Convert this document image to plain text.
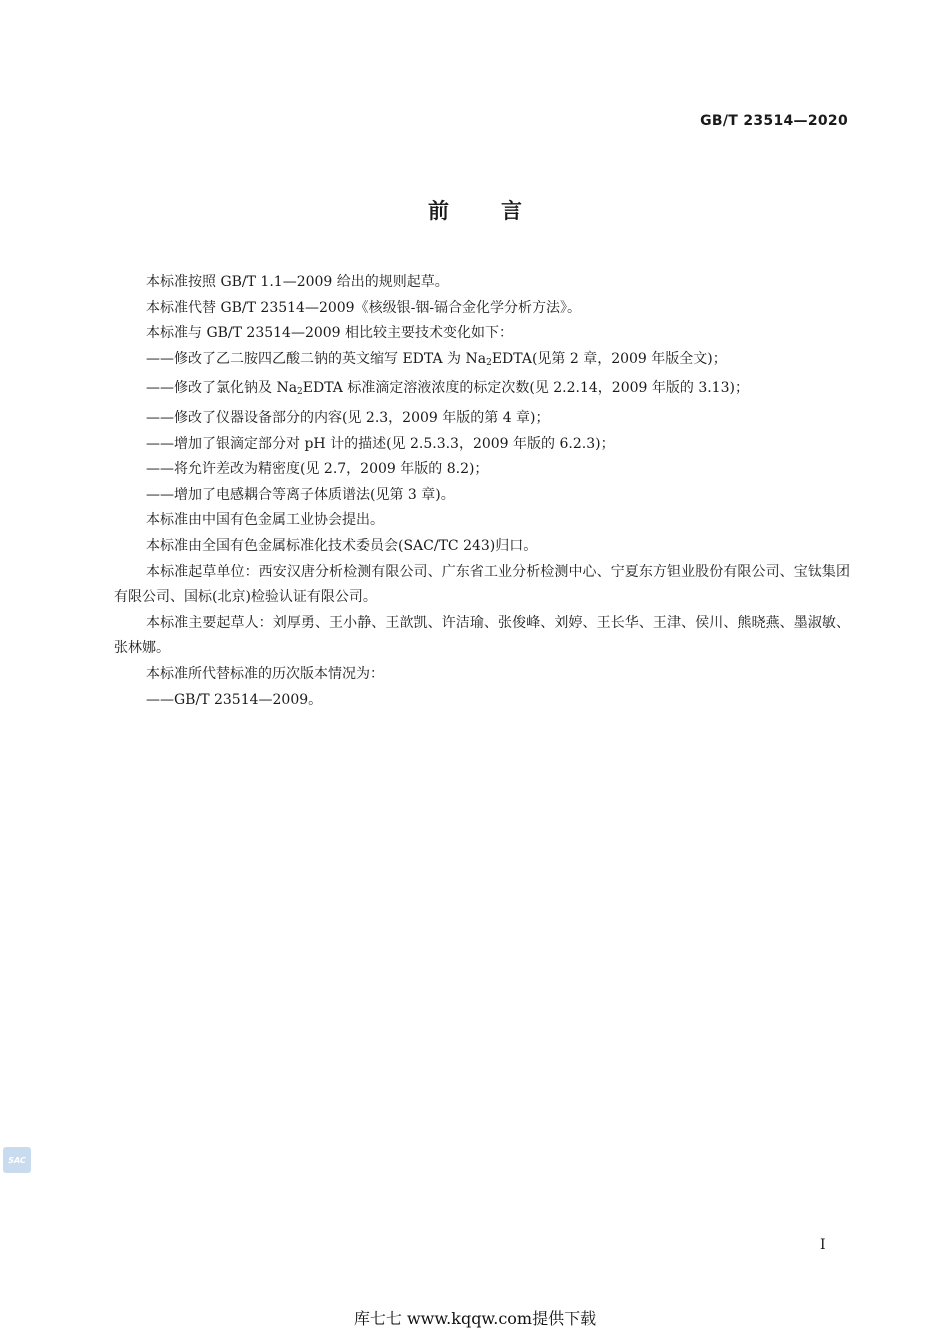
GB/T 23514—2020
前言

本标准按照 GB/T 1.1—2009 给出的规则起草。

本标准代替 GB/T 23514—2009《核级银-铟-镉合金化学分析方法》。

本标准与 GB/T 23514—2009 相比较主要技术变化如下：

——修改了乙二胺四乙酸二钠的英文缩写 EDTA 为 $Na_2EDTA$(见第 2 章，2009 年版全文)；

——修改了氯化钠及 $Na_2EDTA$ 标准滴定溶液浓度的标定次数(见 2.2.14，2009 年版的 3.13)；

——修改了仪器设备部分的内容(见 2.3，2009 年版的第 4 章)；

——增加了银滴定部分对 pH 计的描述(见 2.5.3.3，2009 年版的 6.2.3)；

——将允许差改为精密度(见 2.7，2009 年版的 8.2)；

——增加了电感耦合等离子体质谱法(见第 3 章)。

本标准由中国有色金属工业协会提出。

本标准由全国有色金属标准化技术委员会(SAC/TC 243)归口。

本标准起草单位：西安汉唐分析检测有限公司、广东省工业分析检测中心、宁夏东方钽业股份有限公司、宝钛集团有限公司、国标(北京)检验认证有限公司。

本标准主要起草人：刘厚勇、王小静、王歆凯、许洁瑜、张俊峰、刘婷、王长华、王津、侯川、熊晓燕、墨淑敏、张林娜。

本标准所代替标准的历次版本情况为：

——GB/T 23514—2009。

SAC
I
库七七 www.kqqw.com提供下载
